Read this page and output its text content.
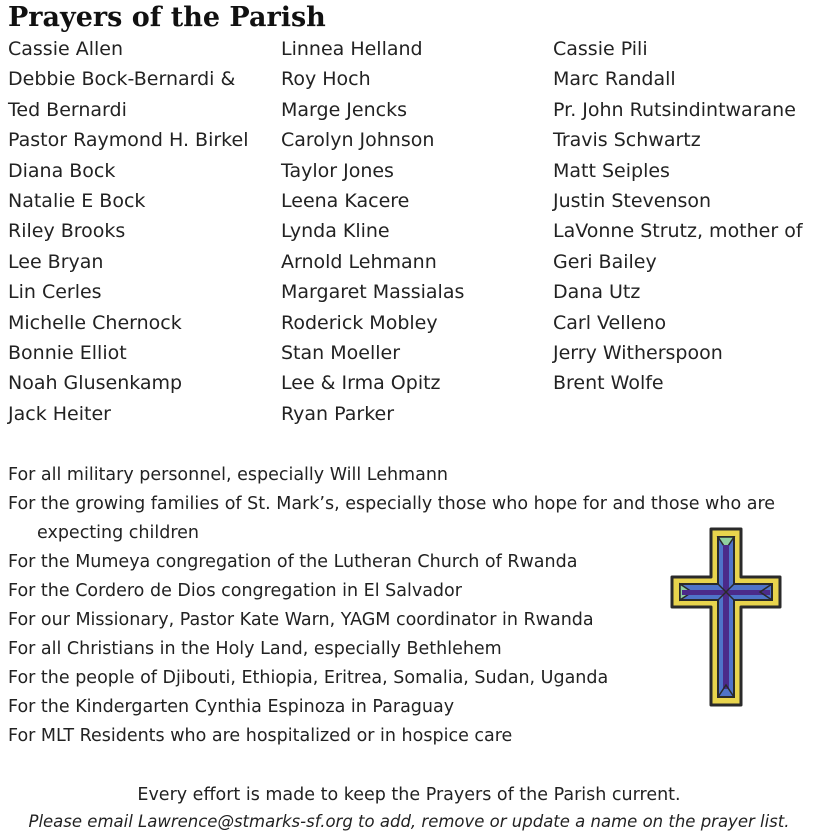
Prayers of the Parish
Cassie Allen
Debbie Bock-Bernardi &
Ted Bernardi
Pastor Raymond H. Birkel
Diana Bock
Natalie E Bock
Riley Brooks
Lee Bryan
Lin Cerles
Michelle Chernock
Bonnie Elliot
Noah Glusenkamp
Jack Heiter
Linnea Helland
Roy Hoch
Marge Jencks
Carolyn Johnson
Taylor Jones
Leena Kacere
Lynda Kline
Arnold Lehmann
Margaret Massialas
Roderick Mobley
Stan Moeller
Lee & Irma Opitz
Ryan Parker
Cassie Pili
Marc Randall
Pr. John Rutsindintwarane
Travis Schwartz
Matt Seiples
Justin Stevenson
LaVonne Strutz, mother of
Geri Bailey
Dana Utz
Carl Velleno
Jerry Witherspoon
Brent Wolfe
For all military personnel, especially Will Lehmann
For the growing families of St. Mark’s, especially those who hope for and those who are
expecting children
For the Mumeya congregation of the Lutheran Church of Rwanda
For the Cordero de Dios congregation in El Salvador
For our Missionary, Pastor Kate Warn, YAGM coordinator in Rwanda
For all Christians in the Holy Land, especially Bethlehem
For the people of Djibouti, Ethiopia, Eritrea, Somalia, Sudan, Uganda
For the Kindergarten Cynthia Espinoza in Paraguay
For MLT Residents who are hospitalized or in hospice care
Every effort is made to keep the Prayers of the Parish current.
Please email Lawrence@stmarks-sf.org to add, remove or update a name on the prayer list.
